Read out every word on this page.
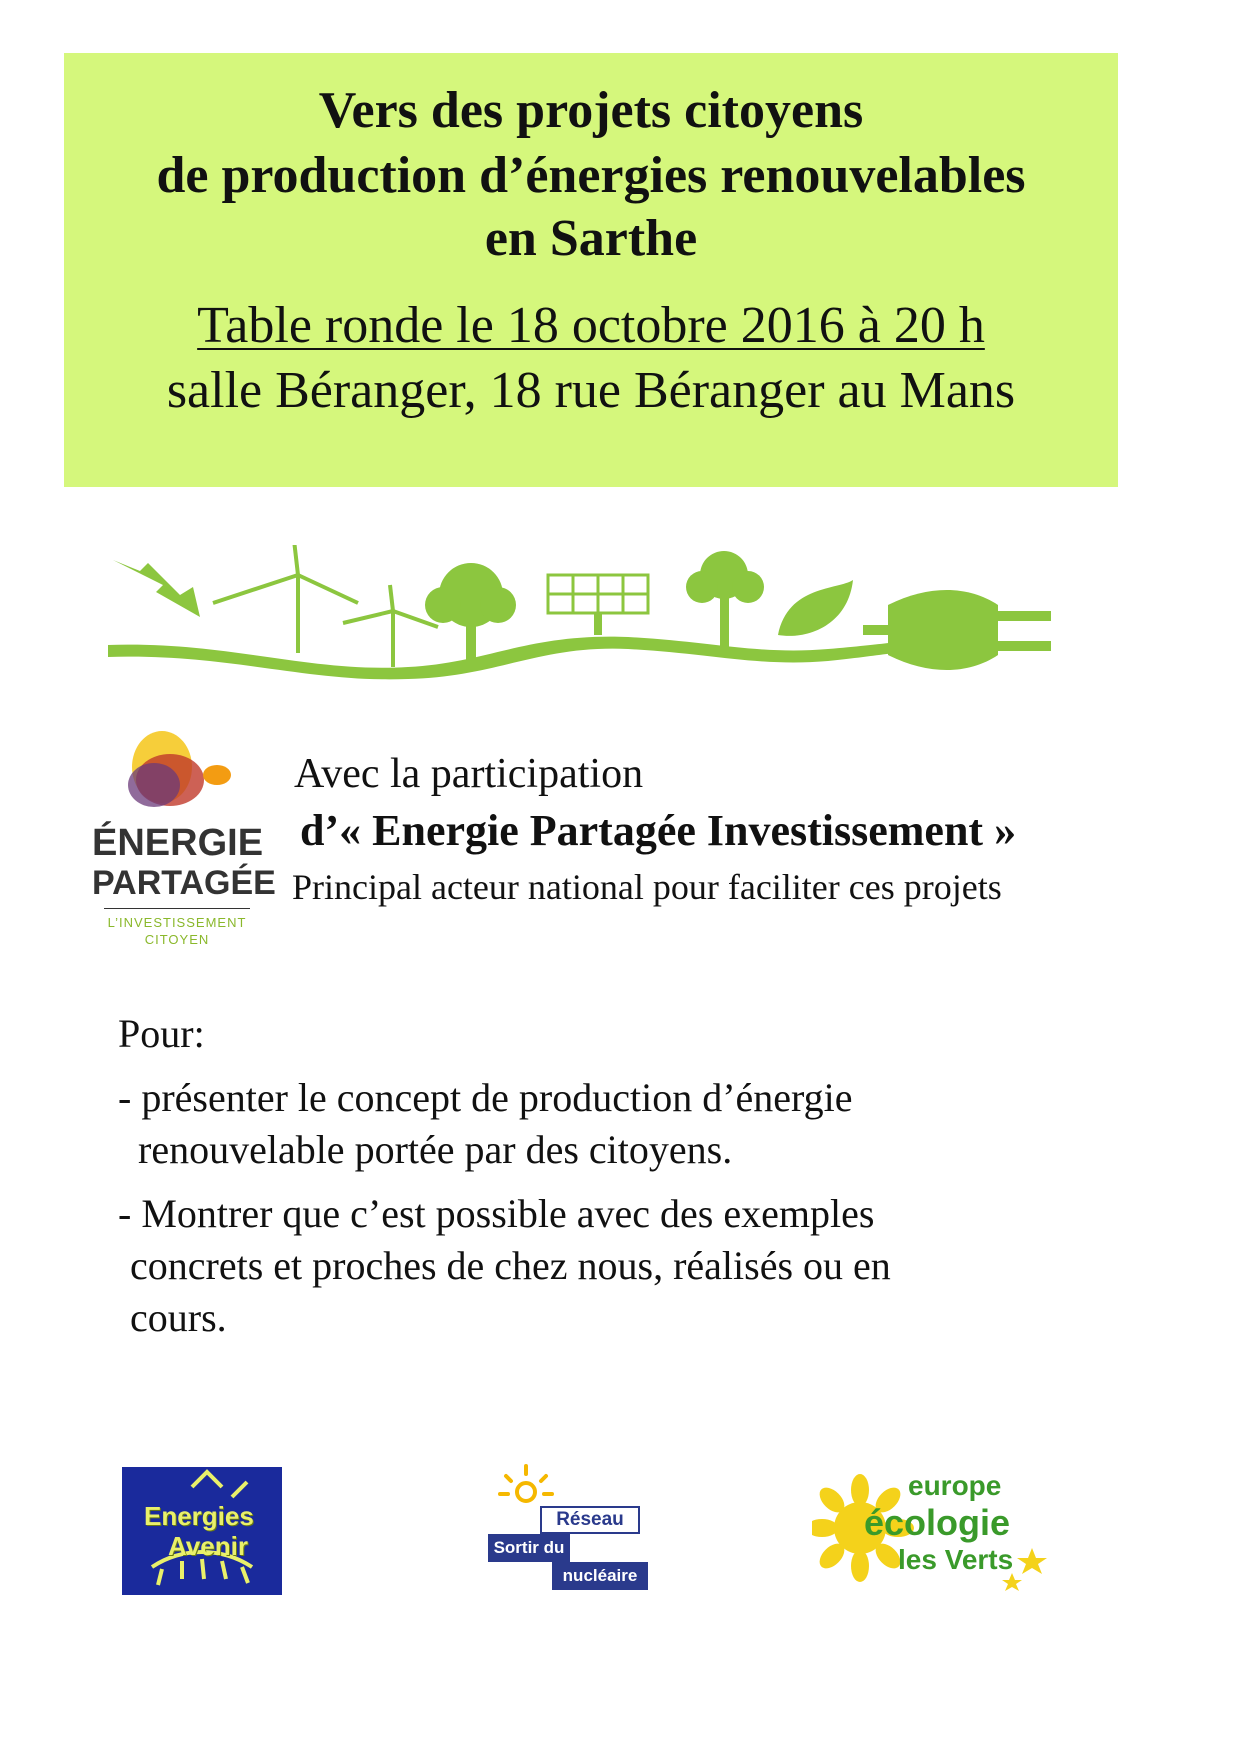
Vers des projets citoyens
de production d’énergies renouvelables
en Sarthe
Table ronde le 18 octobre 2016 à 20 h
salle Béranger, 18 rue Béranger au Mans
ÉNERGIE
PARTAGÉE
L’INVESTISSEMENT
CITOYEN
Avec la participation
d’« Energie Partagée Investissement »
Principal acteur national pour faciliter ces projets
Pour:
- présenter le concept de production d’énergie
renouvelable portée par des citoyens.
- Montrer que c’est possible avec des exemples
concrets et proches de chez nous, réalisés ou en
cours.
Energies
Avenir
Réseau
Sortir du
nucléaire
europe
écologie
les Verts
